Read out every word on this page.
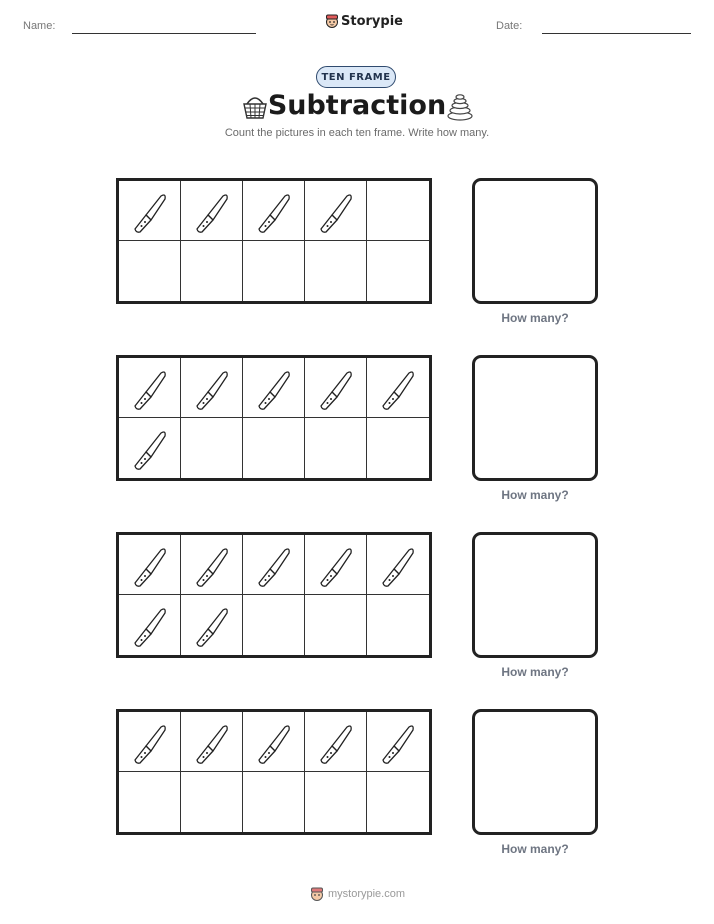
Name:	Storypie	Date:
TEN FRAME
Subtraction
Count the pictures in each ten frame. Write how many.
How many?
How many?
How many?
How many?
mystorypie.com
